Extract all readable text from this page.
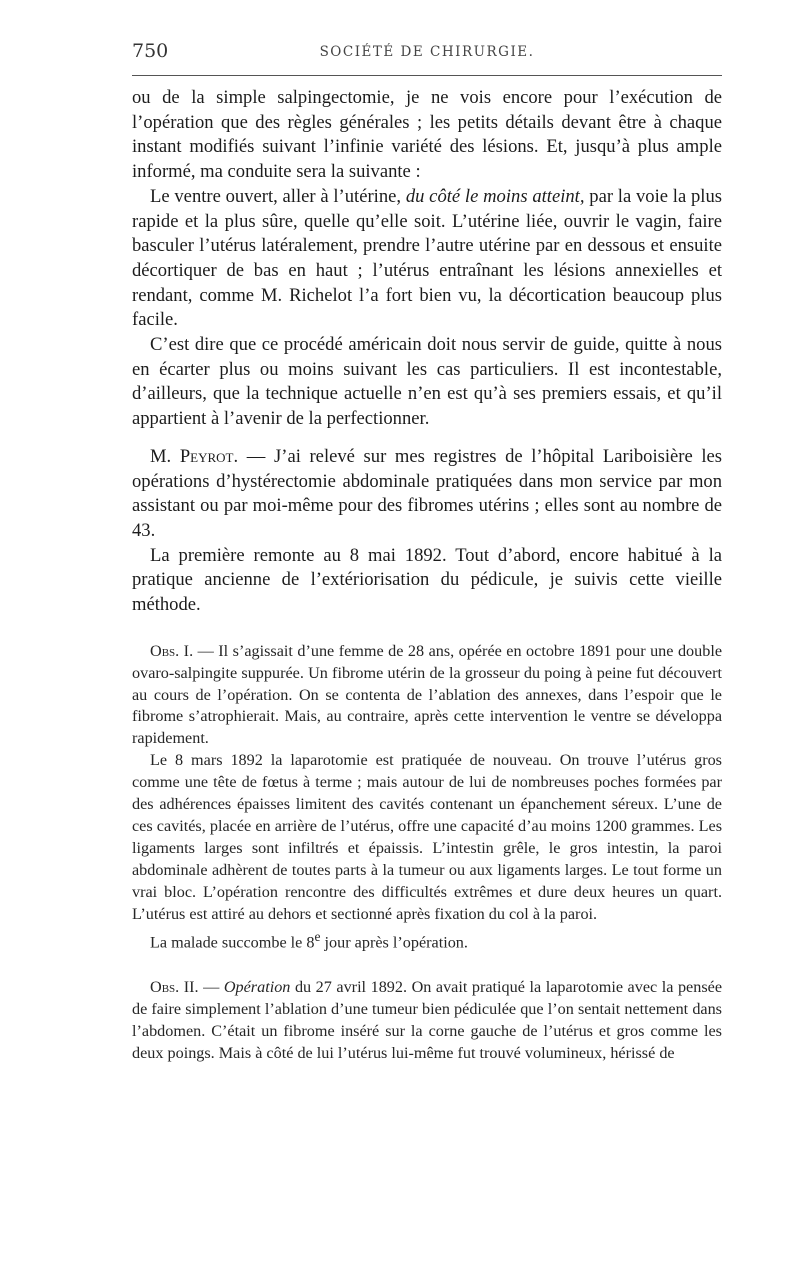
750	SOCIÉTÉ DE CHIRURGIE.

ou de la simple salpingectomie, je ne vois encore pour l’exécution de l’opération que des règles générales ; les petits détails devant être à chaque instant modifiés suivant l’infinie variété des lésions. Et, jusqu’à plus ample informé, ma conduite sera la suivante :

Le ventre ouvert, aller à l’utérine, du côté le moins atteint, par la voie la plus rapide et la plus sûre, quelle qu’elle soit. L’utérine liée, ouvrir le vagin, faire basculer l’utérus latéralement, prendre l’autre utérine par en dessous et ensuite décortiquer de bas en haut ; l’utérus entraînant les lésions annexielles et rendant, comme M. Richelot l’a fort bien vu, la décortication beaucoup plus facile.

C’est dire que ce procédé américain doit nous servir de guide, quitte à nous en écarter plus ou moins suivant les cas particuliers. Il est incontestable, d’ailleurs, que la technique actuelle n’en est qu’à ses premiers essais, et qu’il appartient à l’avenir de la perfectionner.

M. Peyrot. — J’ai relevé sur mes registres de l’hôpital Lariboisière les opérations d’hystérectomie abdominale pratiquées dans mon service par mon assistant ou par moi-même pour des fibromes utérins ; elles sont au nombre de 43.

La première remonte au 8 mai 1892. Tout d’abord, encore habitué à la pratique ancienne de l’extériorisation du pédicule, je suivis cette vieille méthode.

Obs. I. — Il s’agissait d’une femme de 28 ans, opérée en octobre 1891 pour une double ovaro-salpingite suppurée. Un fibrome utérin de la grosseur du poing à peine fut découvert au cours de l’opération. On se contenta de l’ablation des annexes, dans l’espoir que le fibrome s’atrophierait. Mais, au contraire, après cette intervention le ventre se développa rapidement.

Le 8 mars 1892 la laparotomie est pratiquée de nouveau. On trouve l’utérus gros comme une tête de fœtus à terme ; mais autour de lui de nombreuses poches formées par des adhérences épaisses limitent des cavités contenant un épanchement séreux. L’une de ces cavités, placée en arrière de l’utérus, offre une capacité d’au moins 1200 grammes. Les ligaments larges sont infiltrés et épaissis. L’intestin grêle, le gros intestin, la paroi abdominale adhèrent de toutes parts à la tumeur ou aux ligaments larges. Le tout forme un vrai bloc. L’opération rencontre des difficultés extrêmes et dure deux heures un quart. L’utérus est attiré au dehors et sectionné après fixation du col à la paroi.

La malade succombe le 8e jour après l’opération.

Obs. II. — Opération du 27 avril 1892. On avait pratiqué la laparotomie avec la pensée de faire simplement l’ablation d’une tumeur bien pédiculée que l’on sentait nettement dans l’abdomen. C’était un fibrome inséré sur la corne gauche de l’utérus et gros comme les deux poings. Mais à côté de lui l’utérus lui-même fut trouvé volumineux, hérissé de
